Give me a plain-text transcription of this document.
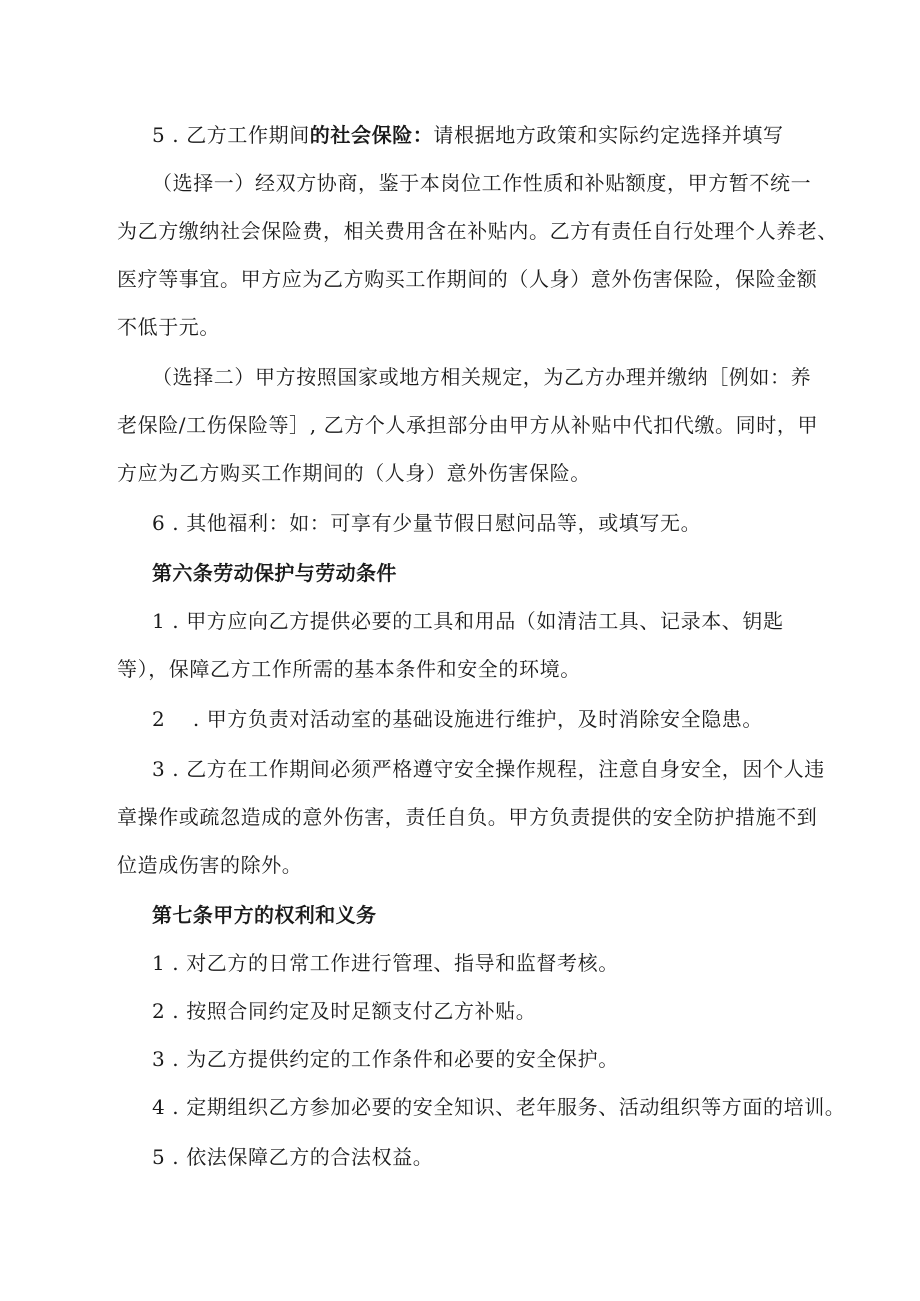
5 . 乙方工作期间的社会保险：请根据地方政策和实际约定选择并填写
（选择一）经双方协商，鉴于本岗位工作性质和补贴额度，甲方暂不统一
为乙方缴纳社会保险费，相关费用含在补贴内。乙方有责任自行处理个人养老、
医疗等事宜。甲方应为乙方购买工作期间的（人身）意外伤害保险，保险金额
不低于元。
（选择二）甲方按照国家或地方相关规定，为乙方办理并缴纳［例如：养
老保险/工伤保险等］, 乙方个人承担部分由甲方从补贴中代扣代缴。同时，甲
方应为乙方购买工作期间的（人身）意外伤害保险。
6 . 其他福利：如：可享有少量节假日慰问品等，或填写无。
第六条劳动保护与劳动条件
1 . 甲方应向乙方提供必要的工具和用品（如清洁工具、记录本、钥匙
等），保障乙方工作所需的基本条件和安全的环境。
2　 . 甲方负责对活动室的基础设施进行维护，及时消除安全隐患。
3 . 乙方在工作期间必须严格遵守安全操作规程，注意自身安全，因个人违
章操作或疏忽造成的意外伤害，责任自负。甲方负责提供的安全防护措施不到
位造成伤害的除外。
第七条甲方的权利和义务
1 . 对乙方的日常工作进行管理、指导和监督考核。
2 . 按照合同约定及时足额支付乙方补贴。
3 . 为乙方提供约定的工作条件和必要的安全保护。
4 . 定期组织乙方参加必要的安全知识、老年服务、活动组织等方面的培训。
5 . 依法保障乙方的合法权益。
